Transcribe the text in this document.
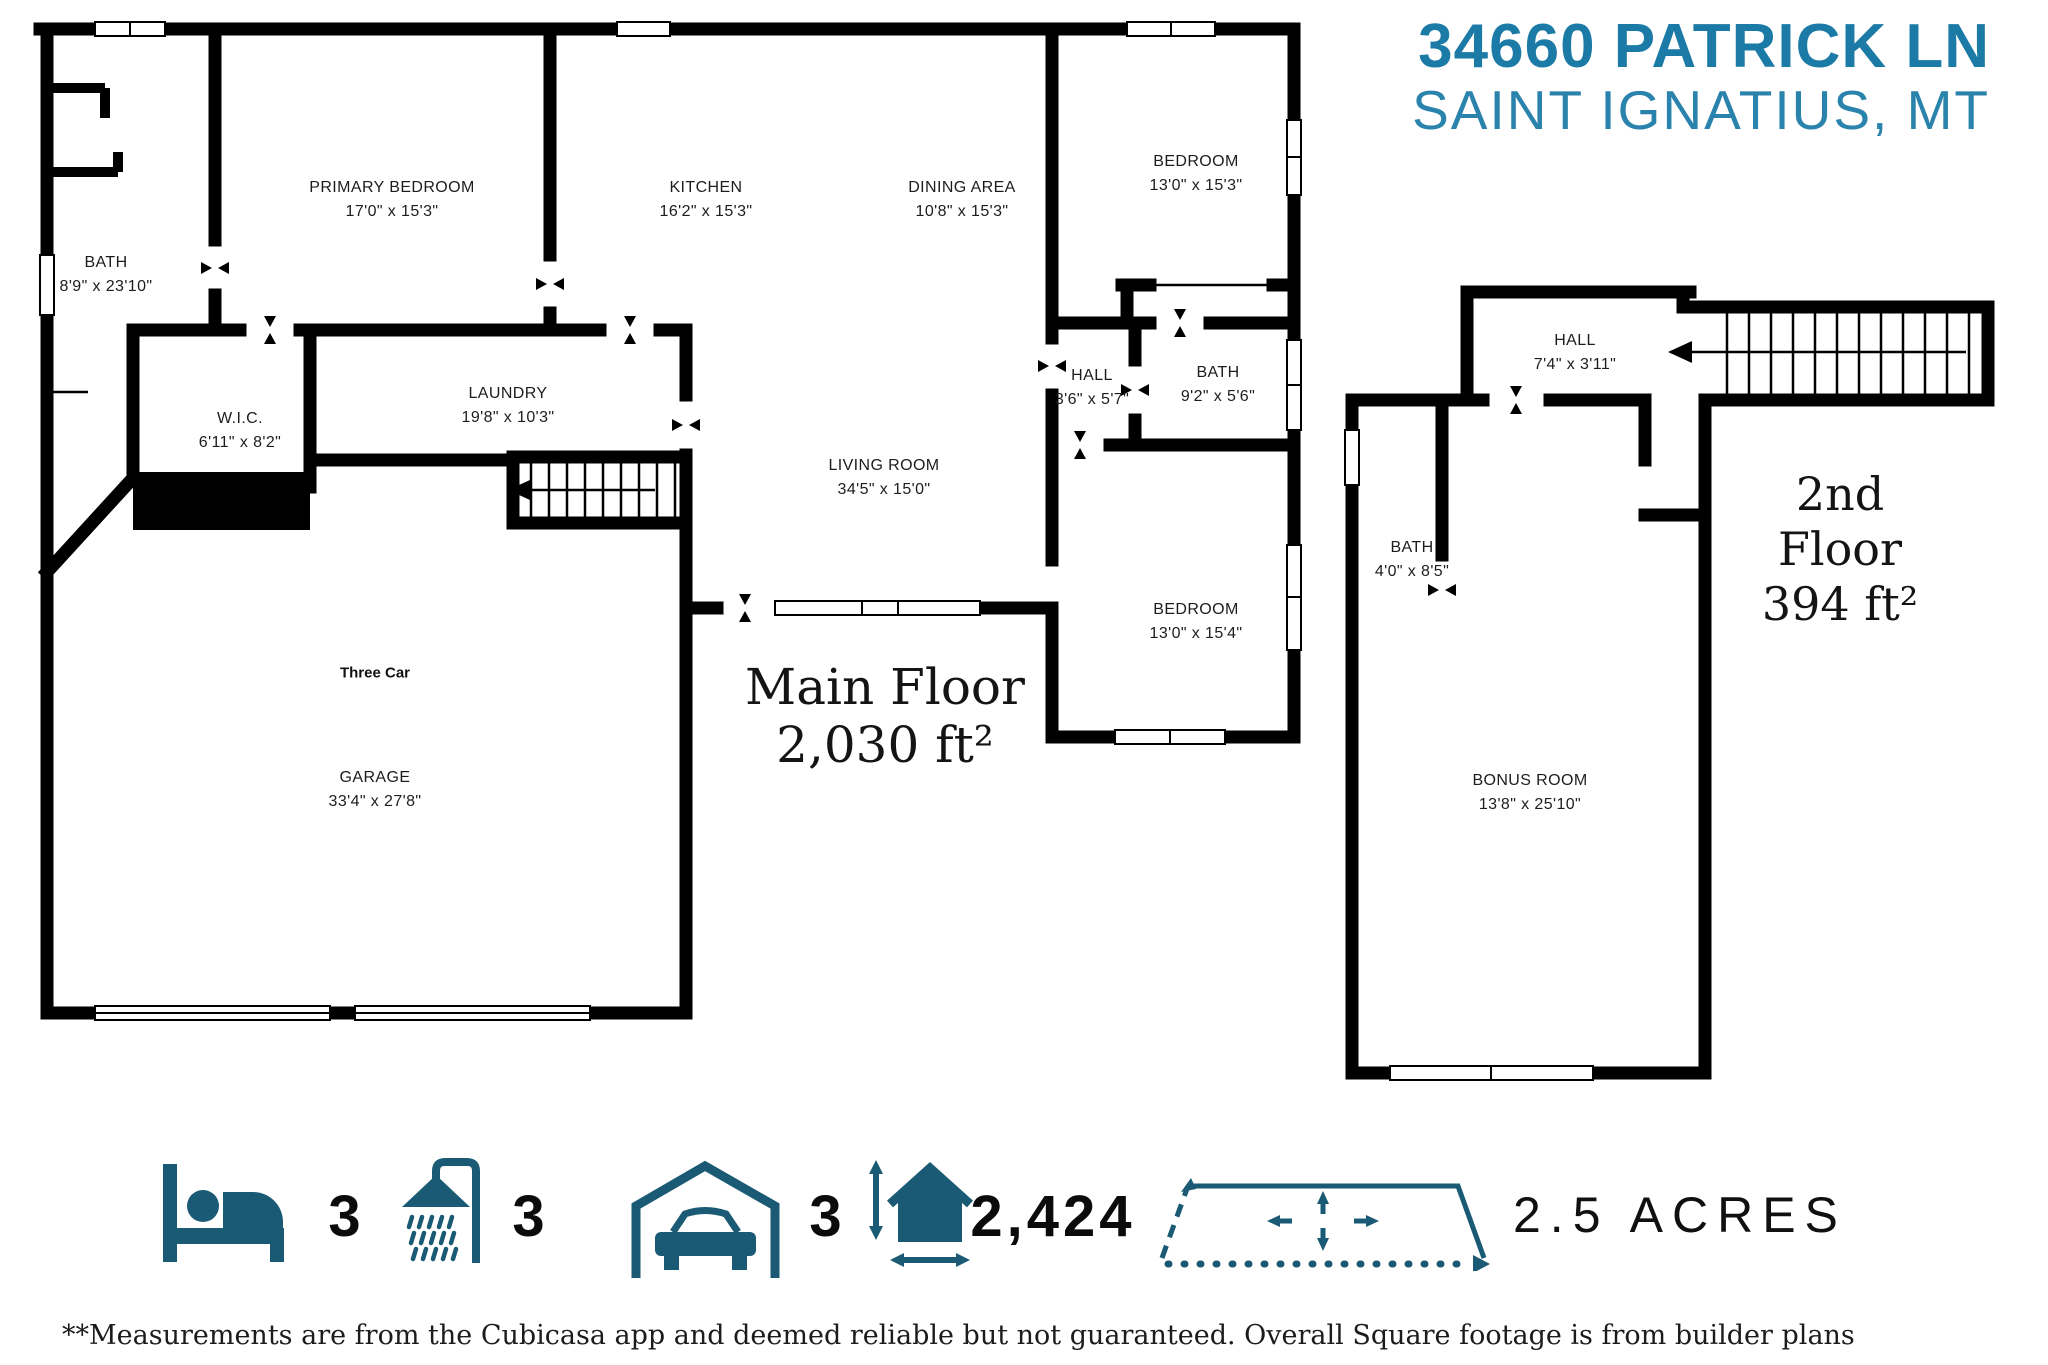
34660 PATRICK LN
SAINT IGNATIUS, MT
PRIMARY BEDROOM
17'0" x 15'3"
BATH
8'9" x 23'10"
KITCHEN
16'2" x 15'3"
DINING AREA
10'8" x 15'3"
BEDROOM
13'0" x 15'3"
W.I.C.
6'11" x 8'2"
LAUNDRY
19'8" x 10'3"
HALL
3'6" x 5'7"
BATH
9'2" x 5'6"
LIVING ROOM
34'5" x 15'0"
BEDROOM
13'0" x 15'4"
Three Car
GARAGE
33'4" x 27'8"
HALL
7'4" x 3'11"
BATH
4'0" x 8'5"
BONUS ROOM
13'8" x 25'10"
Main Floor
2,030 ft²
2nd Floor
394 ft²
3	3	3 2,424	2.5 ACRES
**Measurements are from the Cubicasa app and deemed reliable but not guaranteed. Overall Square footage is from builder plans
